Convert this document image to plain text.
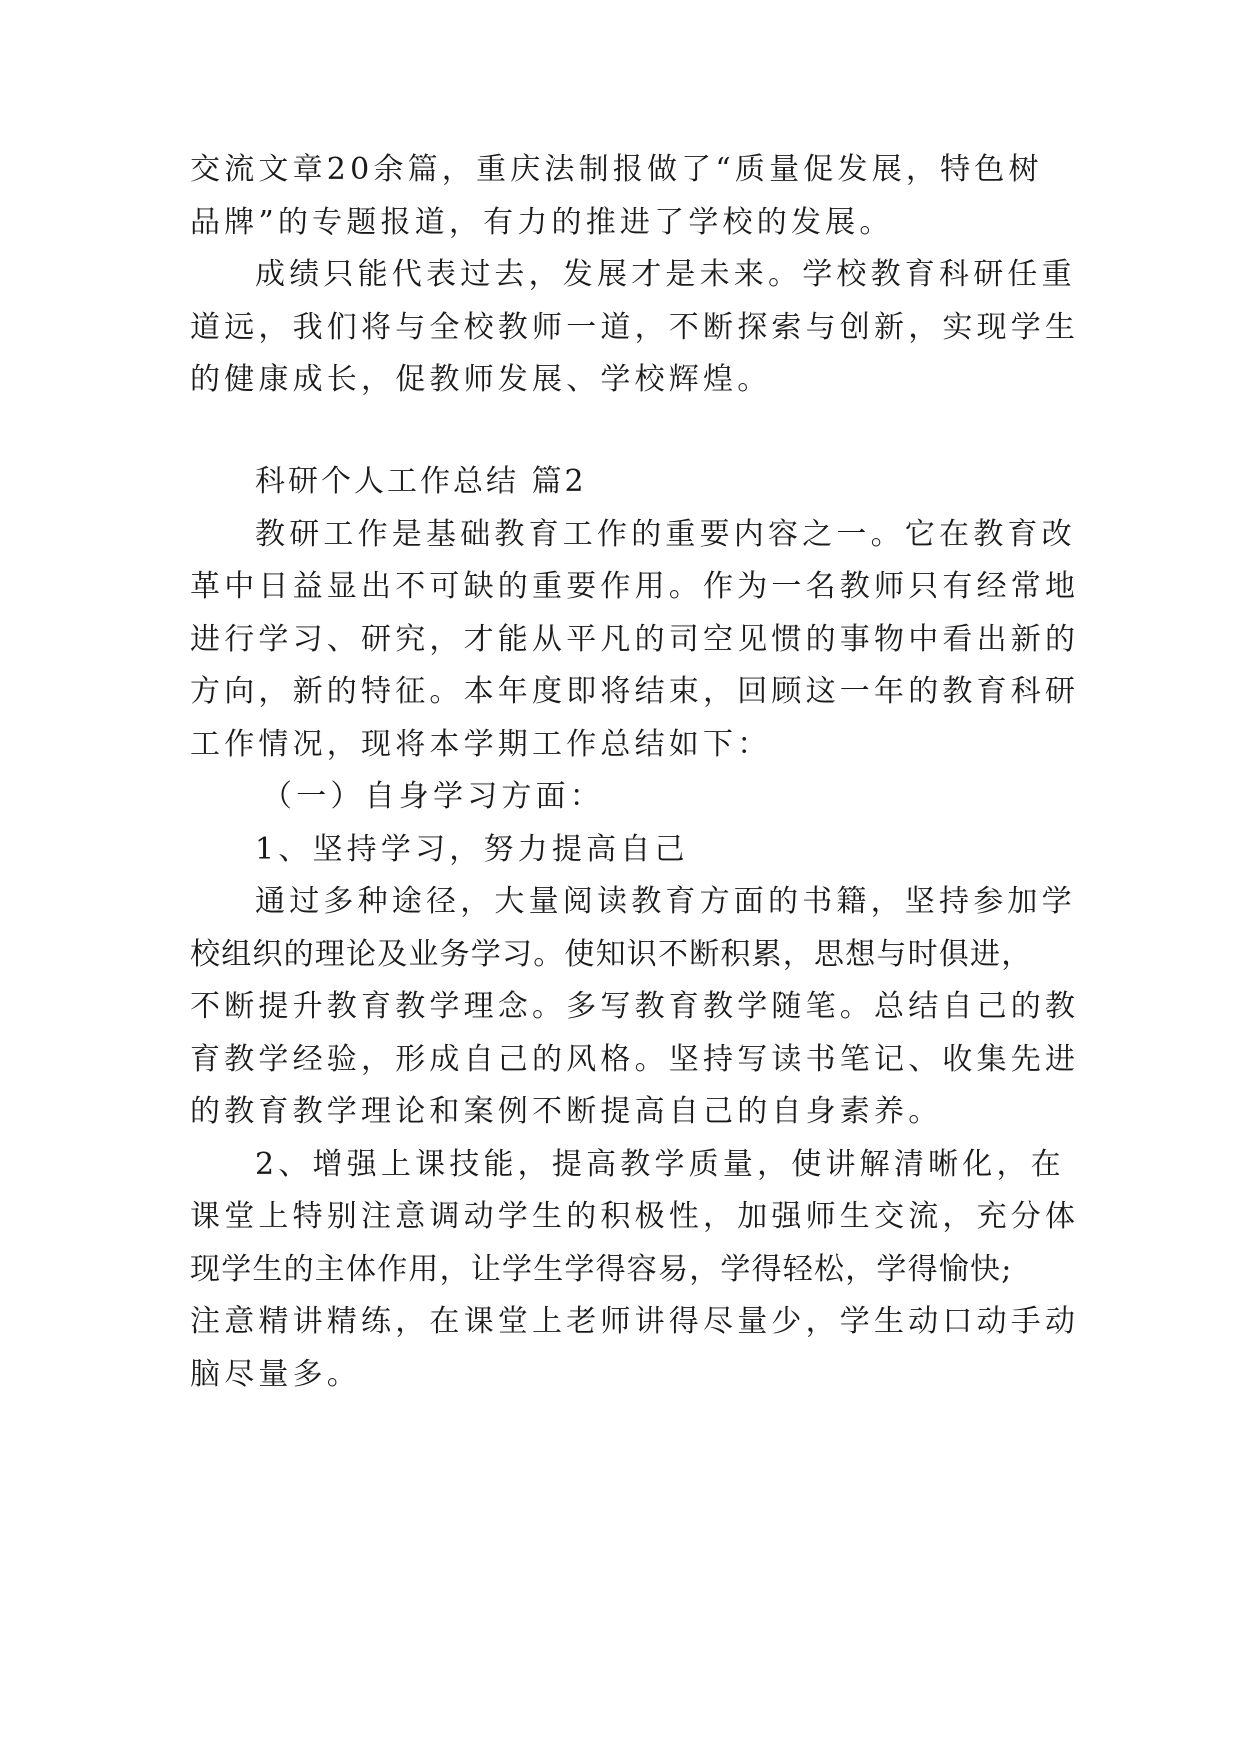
交流文章20余篇，重庆法制报做了“质量促发展，特色树
品牌”的专题报道，有力的推进了学校的发展。
成绩只能代表过去，发展才是未来。学校教育科研任重
道远，我们将与全校教师一道，不断探索与创新，实现学生
的健康成长，促教师发展、学校辉煌。
科研个人工作总结 篇2
教研工作是基础教育工作的重要内容之一。它在教育改
革中日益显出不可缺的重要作用。作为一名教师只有经常地
进行学习、研究，才能从平凡的司空见惯的事物中看出新的
方向，新的特征。本年度即将结束，回顾这一年的教育科研
工作情况，现将本学期工作总结如下：
（一）自身学习方面：
1、坚持学习，努力提高自己
通过多种途径，大量阅读教育方面的书籍，坚持参加学
校组织的理论及业务学习。使知识不断积累，思想与时俱进，
不断提升教育教学理念。多写教育教学随笔。总结自己的教
育教学经验，形成自己的风格。坚持写读书笔记、收集先进
的教育教学理论和案例不断提高自己的自身素养。
2、增强上课技能，提高教学质量，使讲解清晰化，在
课堂上特别注意调动学生的积极性，加强师生交流，充分体
现学生的主体作用，让学生学得容易，学得轻松，学得愉快;
注意精讲精练，在课堂上老师讲得尽量少，学生动口动手动
脑尽量多。
